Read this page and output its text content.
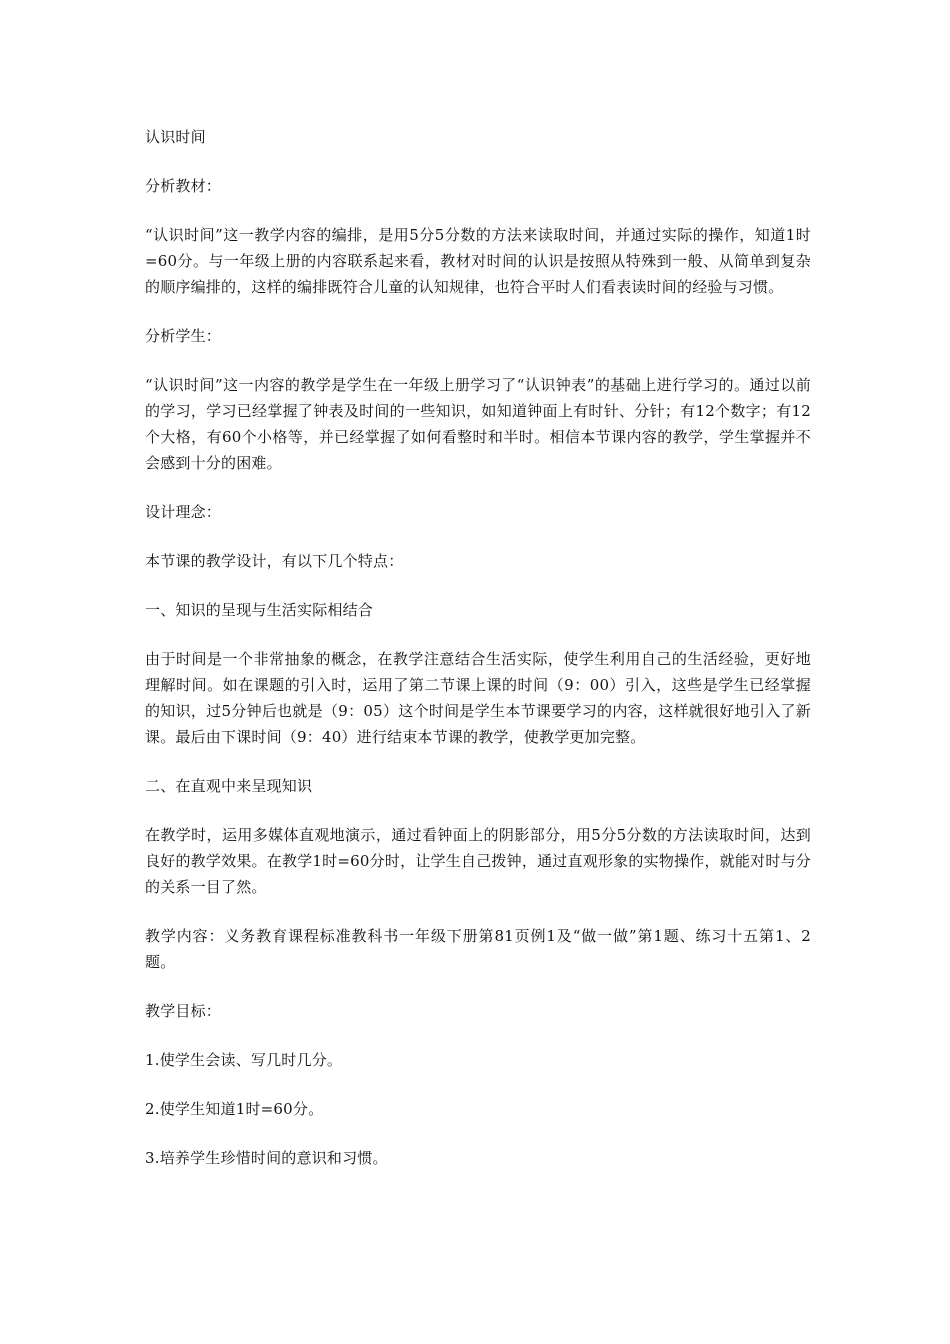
认识时间

分析教材：

“认识时间”这一教学内容的编排，是用5分5分数的方法来读取时间，并通过实际的操作，知道1时=60分。与一年级上册的内容联系起来看，教材对时间的认识是按照从特殊到一般、从简单到复杂的顺序编排的，这样的编排既符合儿童的认知规律，也符合平时人们看表读时间的经验与习惯。

分析学生：

“认识时间”这一内容的教学是学生在一年级上册学习了“认识钟表”的基础上进行学习的。通过以前的学习，学习已经掌握了钟表及时间的一些知识，如知道钟面上有时针、分针；有12个数字；有12个大格，有60个小格等，并已经掌握了如何看整时和半时。相信本节课内容的教学，学生掌握并不会感到十分的困难。

设计理念：

本节课的教学设计，有以下几个特点：

一、知识的呈现与生活实际相结合

由于时间是一个非常抽象的概念，在教学注意结合生活实际，使学生利用自己的生活经验，更好地理解时间。如在课题的引入时，运用了第二节课上课的时间（9：00）引入，这些是学生已经掌握的知识，过5分钟后也就是（9：05）这个时间是学生本节课要学习的内容，这样就很好地引入了新课。最后由下课时间（9：40）进行结束本节课的教学，使教学更加完整。

二、在直观中来呈现知识

在教学时，运用多媒体直观地演示，通过看钟面上的阴影部分，用5分5分数的方法读取时间，达到良好的教学效果。在教学1时=60分时，让学生自己拨钟，通过直观形象的实物操作，就能对时与分的关系一目了然。

教学内容：义务教育课程标准教科书一年级下册第81页例1及“做一做”第1题、练习十五第1、2题。

教学目标：

1.使学生会读、写几时几分。

2.使学生知道1时=60分。

3.培养学生珍惜时间的意识和习惯。
